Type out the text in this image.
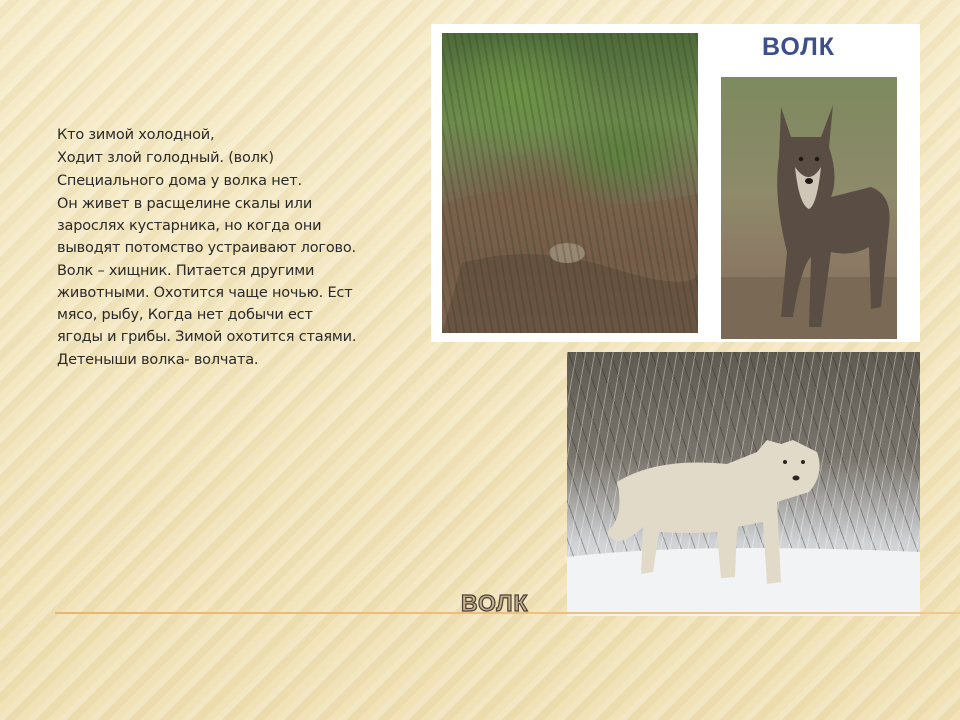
Кто зимой холодной,

Ходит злой голодный. (волк)

Специального дома у волка нет.

Он живет в расщелине скалы или зарослях кустарника, но когда они выводят потомство устраивают логово.

Волк – хищник. Питается другими животными. Охотится чаще ночью. Ест мясо, рыбу, Когда нет добычи ест ягоды и грибы. Зимой охотится стаями.

Детеныши волка- волчата.

ВОЛК
ВОЛК
